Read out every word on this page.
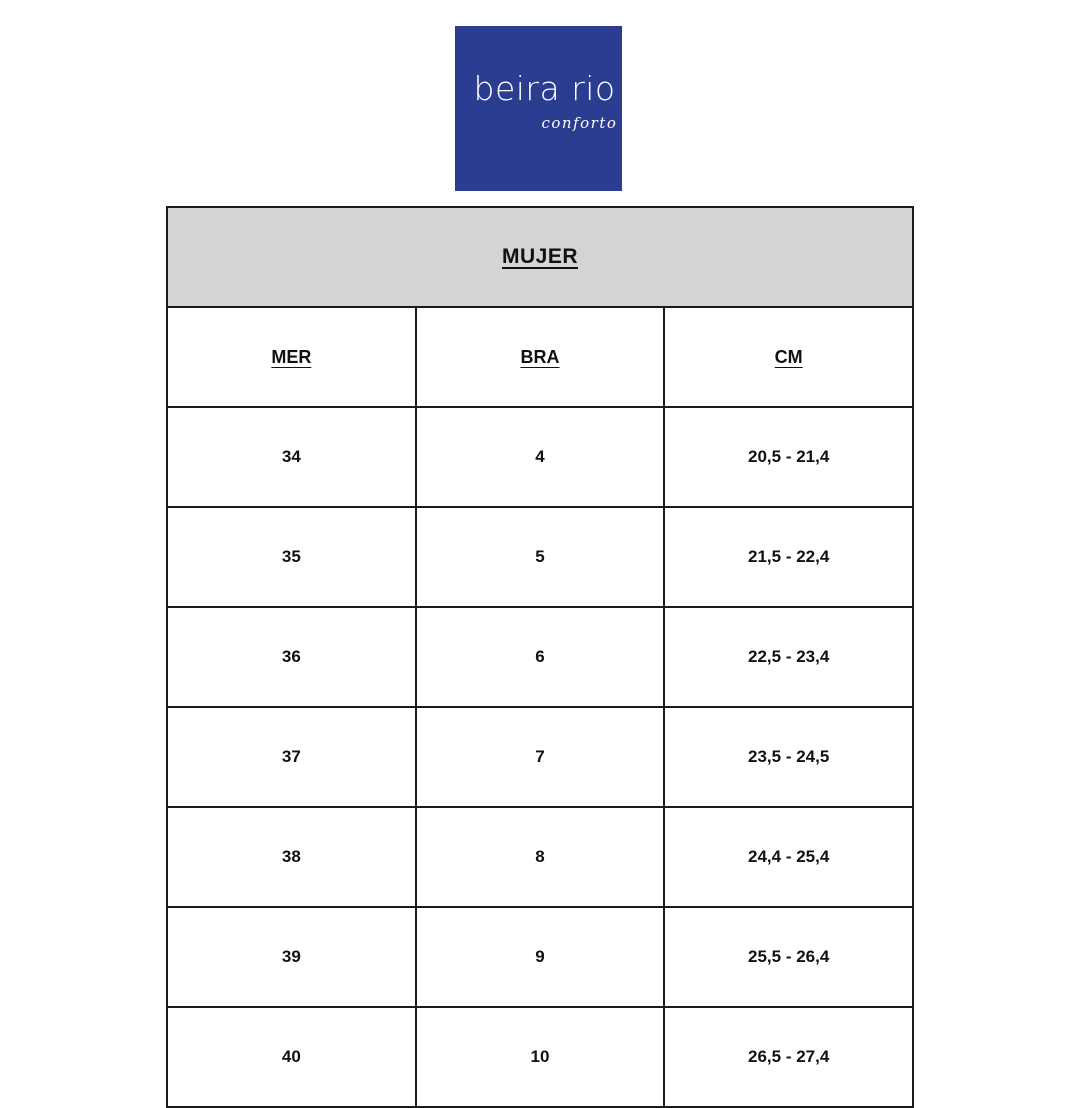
beira rio
conforto
MUJER		
MER	BRA	CM
34	4	20,5 - 21,4
35	5	21,5 - 22,4
36	6	22,5 - 23,4
37	7	23,5 - 24,5
38	8	24,4 - 25,4
39	9	25,5 - 26,4
40	10	26,5 - 27,4
